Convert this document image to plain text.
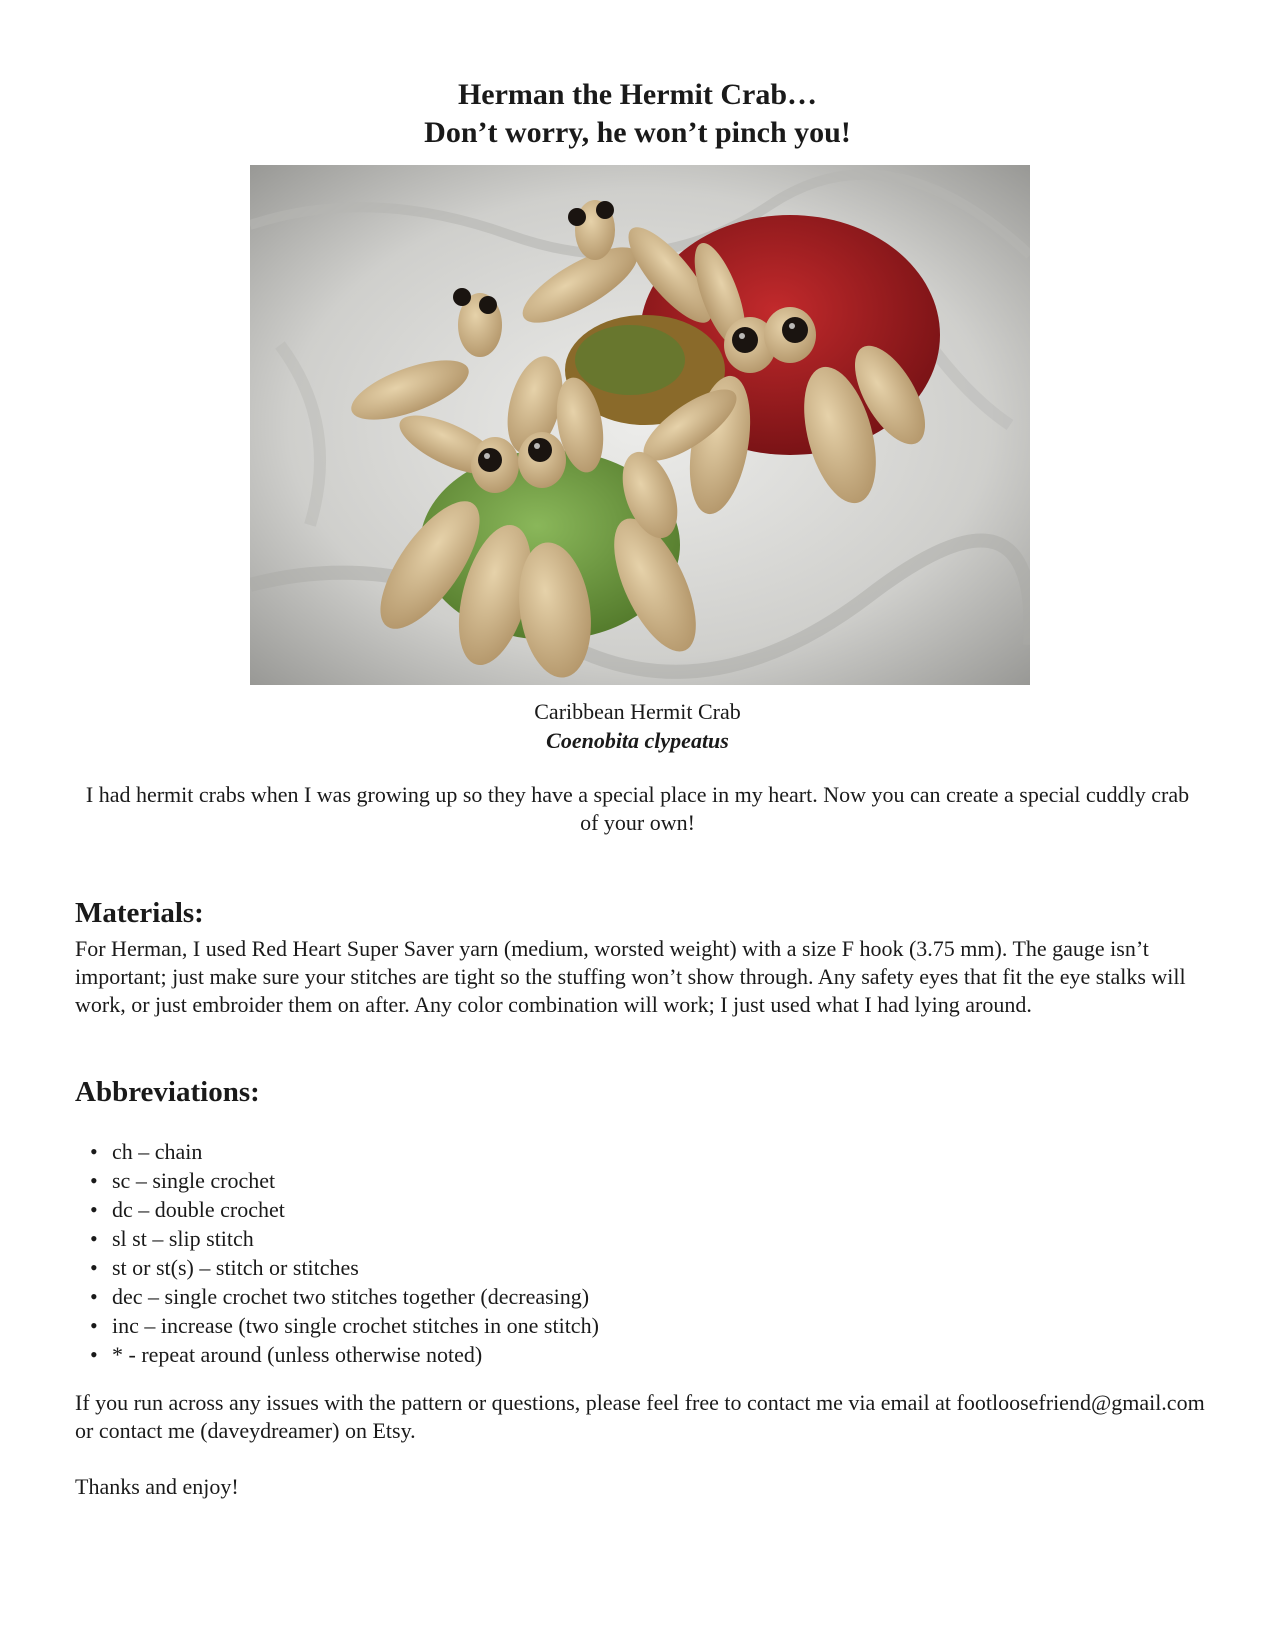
Herman the Hermit Crab…
Don’t worry, he won’t pinch you!
Caribbean Hermit Crab
Coenobita clypeatus
I had hermit crabs when I was growing up so they have a special place in my heart. Now you can create a special cuddly crab of your own!
Materials:
For Herman, I used Red Heart Super Saver yarn (medium, worsted weight) with a size F hook (3.75 mm). The gauge isn’t important; just make sure your stitches are tight so the stuffing won’t show through. Any safety eyes that fit the eye stalks will work, or just embroider them on after. Any color combination will work; I just used what I had lying around.
Abbreviations:
• ch – chain
• sc – single crochet
• dc – double crochet
• sl st – slip stitch
• st or st(s) – stitch or stitches
• dec – single crochet two stitches together (decreasing)
• inc – increase (two single crochet stitches in one stitch)
• * - repeat around (unless otherwise noted)
If you run across any issues with the pattern or questions, please feel free to contact me via email at footloosefriend@gmail.com or contact me (daveydreamer) on Etsy.
Thanks and enjoy!
